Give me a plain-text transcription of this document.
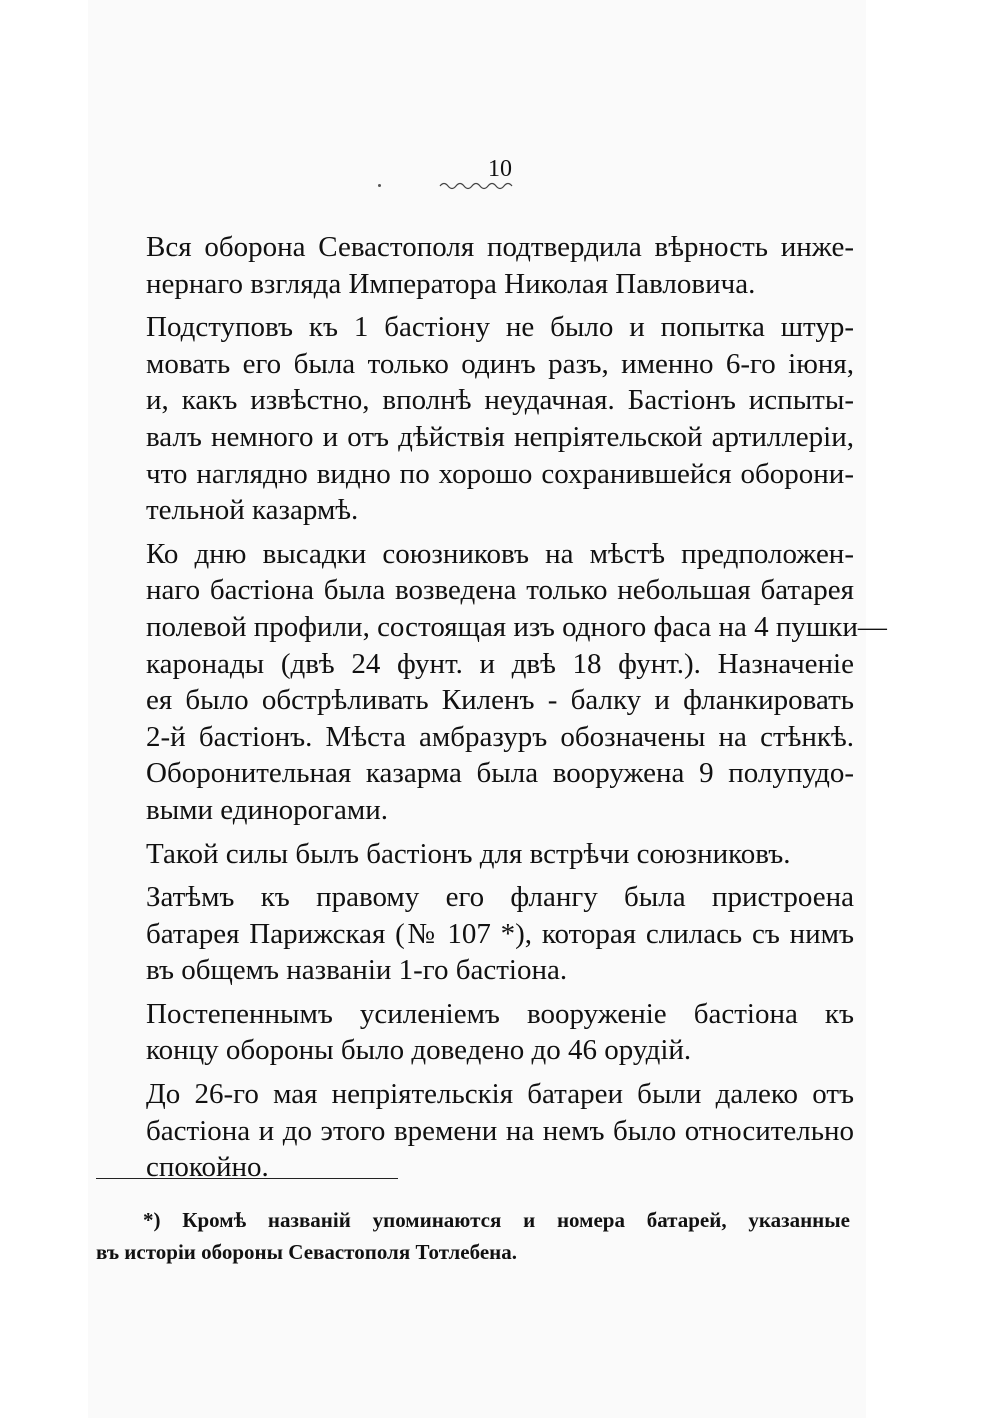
10

Вся оборона Севастополя подтвердила вѣрность инже-
нернаго взгляда Императора Николая Павловича.

Подступовъ къ 1 бастіону не было и попытка штур-
мовать его была только одинъ разъ, именно 6-го іюня,
и, какъ извѣстно, вполнѣ неудачная. Бастіонъ испыты-
валъ немного и отъ дѣйствія непріятельской артиллеріи,
что наглядно видно по хорошо сохранившейся оборони-
тельной казармѣ.

Ко дню высадки союзниковъ на мѣстѣ предположен-
наго бастіона была возведена только небольшая батарея
полевой профили, состоящая изъ одного фаса на 4 пушки—
каронады (двѣ 24 фунт. и двѣ 18 фунт.). Назначеніе
ея было обстрѣливать Киленъ - балку и фланкировать
2-й бастіонъ. Мѣста амбразуръ обозначены на стѣнкѣ.
Оборонительная казарма была вооружена 9 полупудо-
выми единорогами.

Такой силы былъ бастіонъ для встрѣчи союзниковъ.

Затѣмъ къ правому его флангу была пристроена
батарея Парижская (№ 107 *), которая слилась съ нимъ
въ общемъ названіи 1-го бастіона.

Постепеннымъ усиленіемъ вооруженіе бастіона къ
концу обороны было доведено до 46 орудій.

До 26-го мая непріятельскія батареи были далеко отъ
бастіона и до этого времени на немъ было относительно
спокойно.

*) Кромѣ названій упоминаются и номера батарей, указанные
въ исторіи обороны Севастополя Тотлебена.
